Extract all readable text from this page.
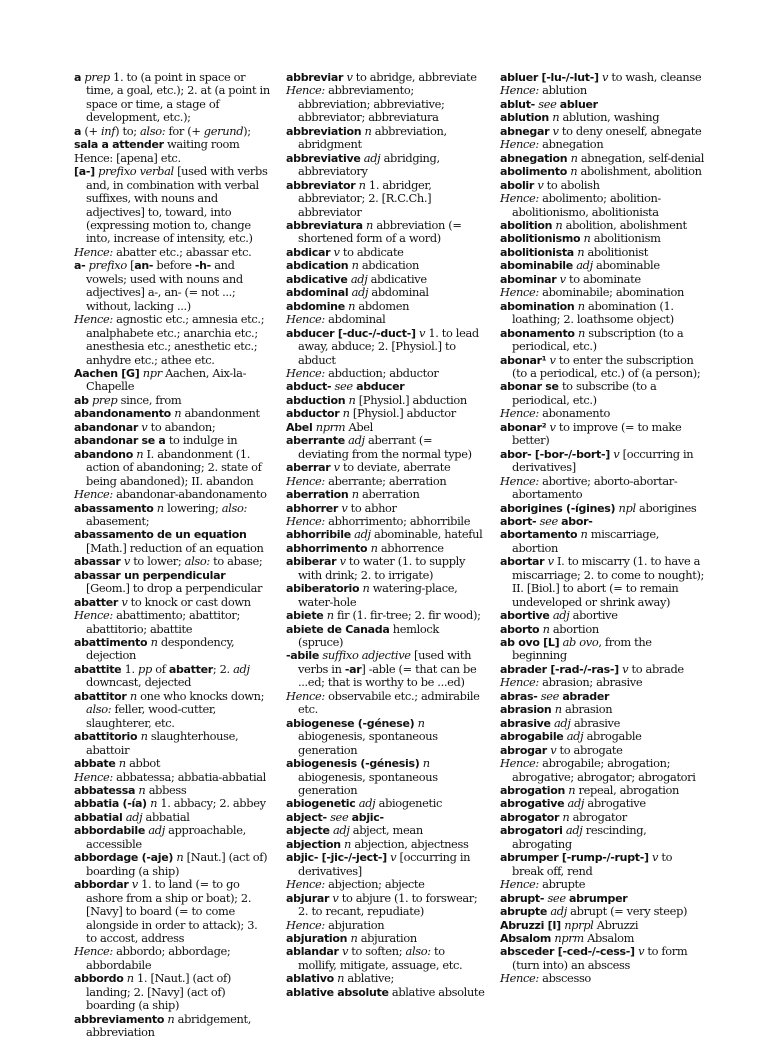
a prep 1. to (a point in space or time, a goal, etc.); 2. at (a point in space or time, a stage of development, etc.);

a (+ inf) to; also: for (+ gerund);

sala a attender waiting room

Hence: [apena] etc.

[a-] prefixo verbal [used with verbs and, in combination with verbal suffixes, with nouns and adjectives] to, toward, into (expressing motion to, change into, increase of intensity, etc.)

Hence: abatter etc.; abassar etc.

a- prefixo [an- before -h- and vowels; used with nouns and adjectives] a-, an- (= not ...; without, lacking ...)

Hence: agnostic etc.; amnesia etc.; analphabete etc.; anarchia etc.; anesthesia etc.; anesthetic etc.; anhydre etc.; athee etc.

Aachen [G] npr Aachen, Aix-la-Chapelle

ab prep since, from

abandonamento n abandonment

abandonar v to abandon;

abandonar se a to indulge in

abandono n I. abandonment (1. action of abandoning; 2. state of being abandoned); II. abandon

Hence: abandonar-abandonamento

abassamento n lowering; also: abasement;

abassamento de un equation [Math.] reduction of an equation

abassar v to lower; also: to abase;

abassar un perpendicular [Geom.] to drop a perpendicular

abatter v to knock or cast down

Hence: abattimento; abattitor; abattitorio; abattite

abattimento n despondency, dejection

abattite 1. pp of abatter; 2. adj downcast, dejected

abattitor n one who knocks down; also: feller, wood-cutter, slaughterer, etc.

abattitorio n slaughterhouse, abattoir

abbate n abbot

Hence: abbatessa; abbatia-abbatial

abbatessa n abbess

abbatia (-ía) n 1. abbacy; 2. abbey

abbatial adj abbatial

abbordabile adj approachable, accessible

abbordage (-aje) n [Naut.] (act of) boarding (a ship)

abbordar v 1. to land (= to go ashore from a ship or boat); 2. [Navy] to board (= to come alongside in order to attack); 3. to accost, address

Hence: abbordo; abbordage; abbordabile

abbordo n 1. [Naut.] (act of) landing; 2. [Navy] (act of) boarding (a ship)

abbreviamento n abridgement, abbreviation

abbreviar v to abridge, abbreviate

Hence: abbreviamento; abbreviation; abbreviative; abbreviator; abbreviatura

abbreviation n abbreviation, abridgment

abbreviative adj abridging, abbreviatory

abbreviator n 1. abridger, abbreviator; 2. [R.C.Ch.] abbreviator

abbreviatura n abbreviation (= shortened form of a word)

abdicar v to abdicate

abdication n abdication

abdicative adj abdicative

abdominal adj abdominal

abdomine n abdomen

Hence: abdominal

abducer [-duc-/-duct-] v 1. to lead away, abduce; 2. [Physiol.] to abduct

Hence: abduction; abductor

abduct- see abducer

abduction n [Physiol.] abduction

abductor n [Physiol.] abductor

Abel nprm Abel

aberrante adj aberrant (= deviating from the normal type)

aberrar v to deviate, aberrate

Hence: aberrante; aberration

aberration n aberration

abhorrer v to abhor

Hence: abhorrimento; abhorribile

abhorribile adj abominable, hateful

abhorrimento n abhorrence

abiberar v to water (1. to supply with drink; 2. to irrigate)

abiberatorio n watering-place, water-hole

abiete n fir (1. fir-tree; 2. fir wood);

abiete de Canada hemlock (spruce)

-abile suffixo adjective [used with verbs in -ar] -able (= that can be ...ed; that is worthy to be ...ed)

Hence: observabile etc.; admirabile etc.

abiogenese (-génese) n abiogenesis, spontaneous generation

abiogenesis (-génesis) n abiogenesis, spontaneous generation

abiogenetic adj abiogenetic

abject- see abjic-

abjecte adj abject, mean

abjection n abjection, abjectness

abjic- [-jic-/-ject-] v [occurring in derivatives]

Hence: abjection; abjecte

abjurar v to abjure (1. to forswear; 2. to recant, repudiate)

Hence: abjuration

abjuration n abjuration

ablandar v to soften; also: to mollify, mitigate, assuage, etc.

ablativo n ablative;

ablative absolute ablative absolute

abluer [-lu-/-lut-] v to wash, cleanse

Hence: ablution

ablut- see abluer

ablution n ablution, washing

abnegar v to deny oneself, abnegate

Hence: abnegation

abnegation n abnegation, self-denial

abolimento n abolishment, abolition

abolir v to abolish

Hence: abolimento; abolition-abolitionismo, abolitionista

abolition n abolition, abolishment

abolitionismo n abolitionism

abolitionista n abolitionist

abominabile adj abominable

abominar v to abominate

Hence: abominabile; abomination

abomination n abomination (1. loathing; 2. loathsome object)

abonamento n subscription (to a periodical, etc.)

abonar¹ v to enter the subscription (to a periodical, etc.) of (a person);

abonar se to subscribe (to a periodical, etc.)

Hence: abonamento

abonar² v to improve (= to make better)

abor- [-bor-/-bort-] v [occurring in derivatives]

Hence: abortive; aborto-abortar-abortamento

aborigines (-ígines) npl aborigines

abort- see abor-

abortamento n miscarriage, abortion

abortar v I. to miscarry (1. to have a miscarriage; 2. to come to nought); II. [Biol.] to abort (= to remain undeveloped or shrink away)

abortive adj abortive

aborto n abortion

ab ovo [L] ab ovo, from the beginning

abrader [-rad-/-ras-] v to abrade

Hence: abrasion; abrasive

abras- see abrader

abrasion n abrasion

abrasive adj abrasive

abrogabile adj abrogable

abrogar v to abrogate

Hence: abrogabile; abrogation; abrogative; abrogator; abrogatori

abrogation n repeal, abrogation

abrogative adj abrogative

abrogator n abrogator

abrogatori adj rescinding, abrogating

abrumper [-rump-/-rupt-] v to break off, rend

Hence: abrupte

abrupt- see abrumper

abrupte adj abrupt (= very steep)

Abruzzi [I] nprpl Abruzzi

Absalom nprm Absalom

absceder [-ced-/-cess-] v to form (turn into) an abscess

Hence: abscesso
